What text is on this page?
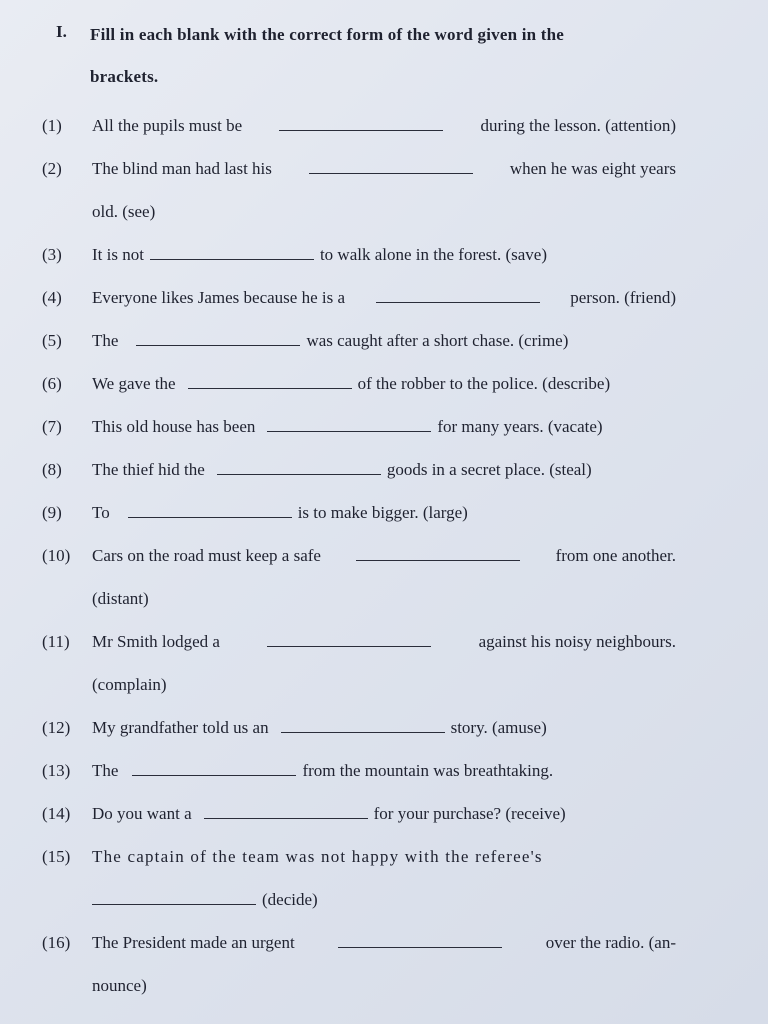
I.	Fill in each blank with the correct form of the word given in the
brackets.
(1)	All the pupils must be	during the lesson. (attention)
(2)	The blind man had last his	when he was eight years
old. (see)
(3)	It is not	to walk alone in the forest. (save)
(4)	Everyone likes James because he is a	person. (friend)
(5)	The	was caught after a short chase. (crime)
(6)	We gave the	of the robber to the police. (describe)
(7)	This old house has been	for many years. (vacate)
(8)	The thief hid the	goods in a secret place. (steal)
(9)	To	is to make bigger. (large)
(10)	Cars on the road must keep a safe	from one another.
(distant)
(11)	Mr Smith lodged a	against his noisy neighbours.
(complain)
(12)	My grandfather told us an	story. (amuse)
(13)	The	from the mountain was breathtaking.
(14)	Do you want a	for your purchase? (receive)
(15)	The captain of the team was not happy with the referee's
(decide)
(16)	The President made an urgent	over the radio. (an-
nounce)
